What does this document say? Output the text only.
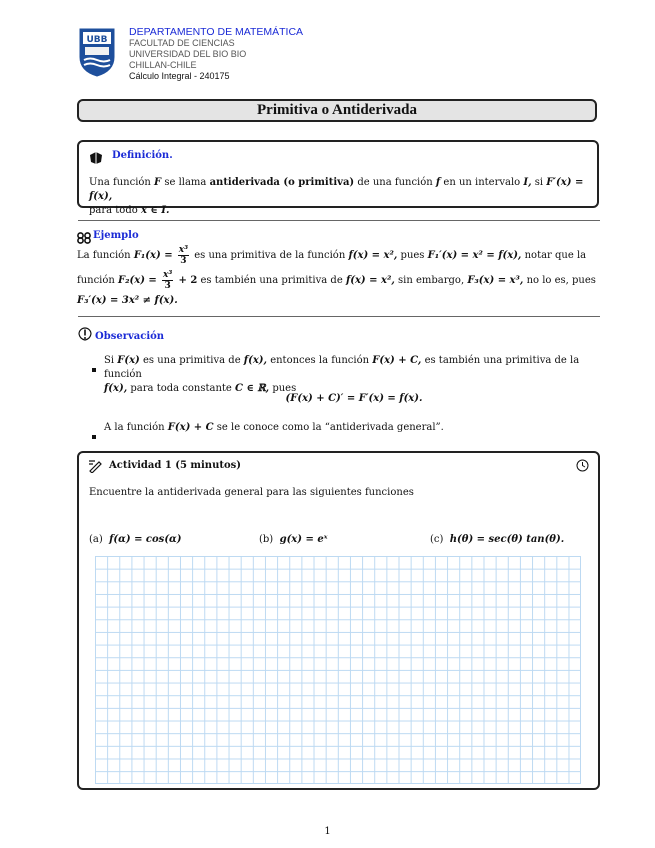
UBB
DEPARTAMENTO DE MATEMÁTICA
FACULTAD DE CIENCIAS
UNIVERSIDAD DEL BIO BIO
CHILLAN-CHILE
Cálculo Integral - 240175
Primitiva o Antiderivada
Definición.
Una función F se llama antiderivada (o primitiva) de una función f en un intervalo I, si F′(x) = f(x),
para todo x ∈ I.
Ejemplo
La función $F_1(x) = \frac{\text{x³}}{3}$ es una primitiva de la función f(x) = x², pues F₁′(x) = x² = f(x), notar que la
función $F_2(x) = \frac{\text{x³}}{3} + 2$ es también una primitiva de f(x) = x², sin embargo, F₃(x) = x³, no lo es, pues
F₃′(x) = 3x² ≠ f(x).
Observación
Si F(x) es una primitiva de f(x), entonces la función F(x) + C, es también una primitiva de la función
f(x), para toda constante C ∈ ℝ, pues
(F(x) + C)′ = F′(x) = f(x).
A la función F(x) + C se le conoce como la “antiderivada general”.
Actividad 1 (5 minutos)
Encuentre la antiderivada general para las siguientes funciones
(a) f(α) = cos(α)	(b) g(x) = eˣ	(c) h(θ) = sec(θ) tan(θ).
1
